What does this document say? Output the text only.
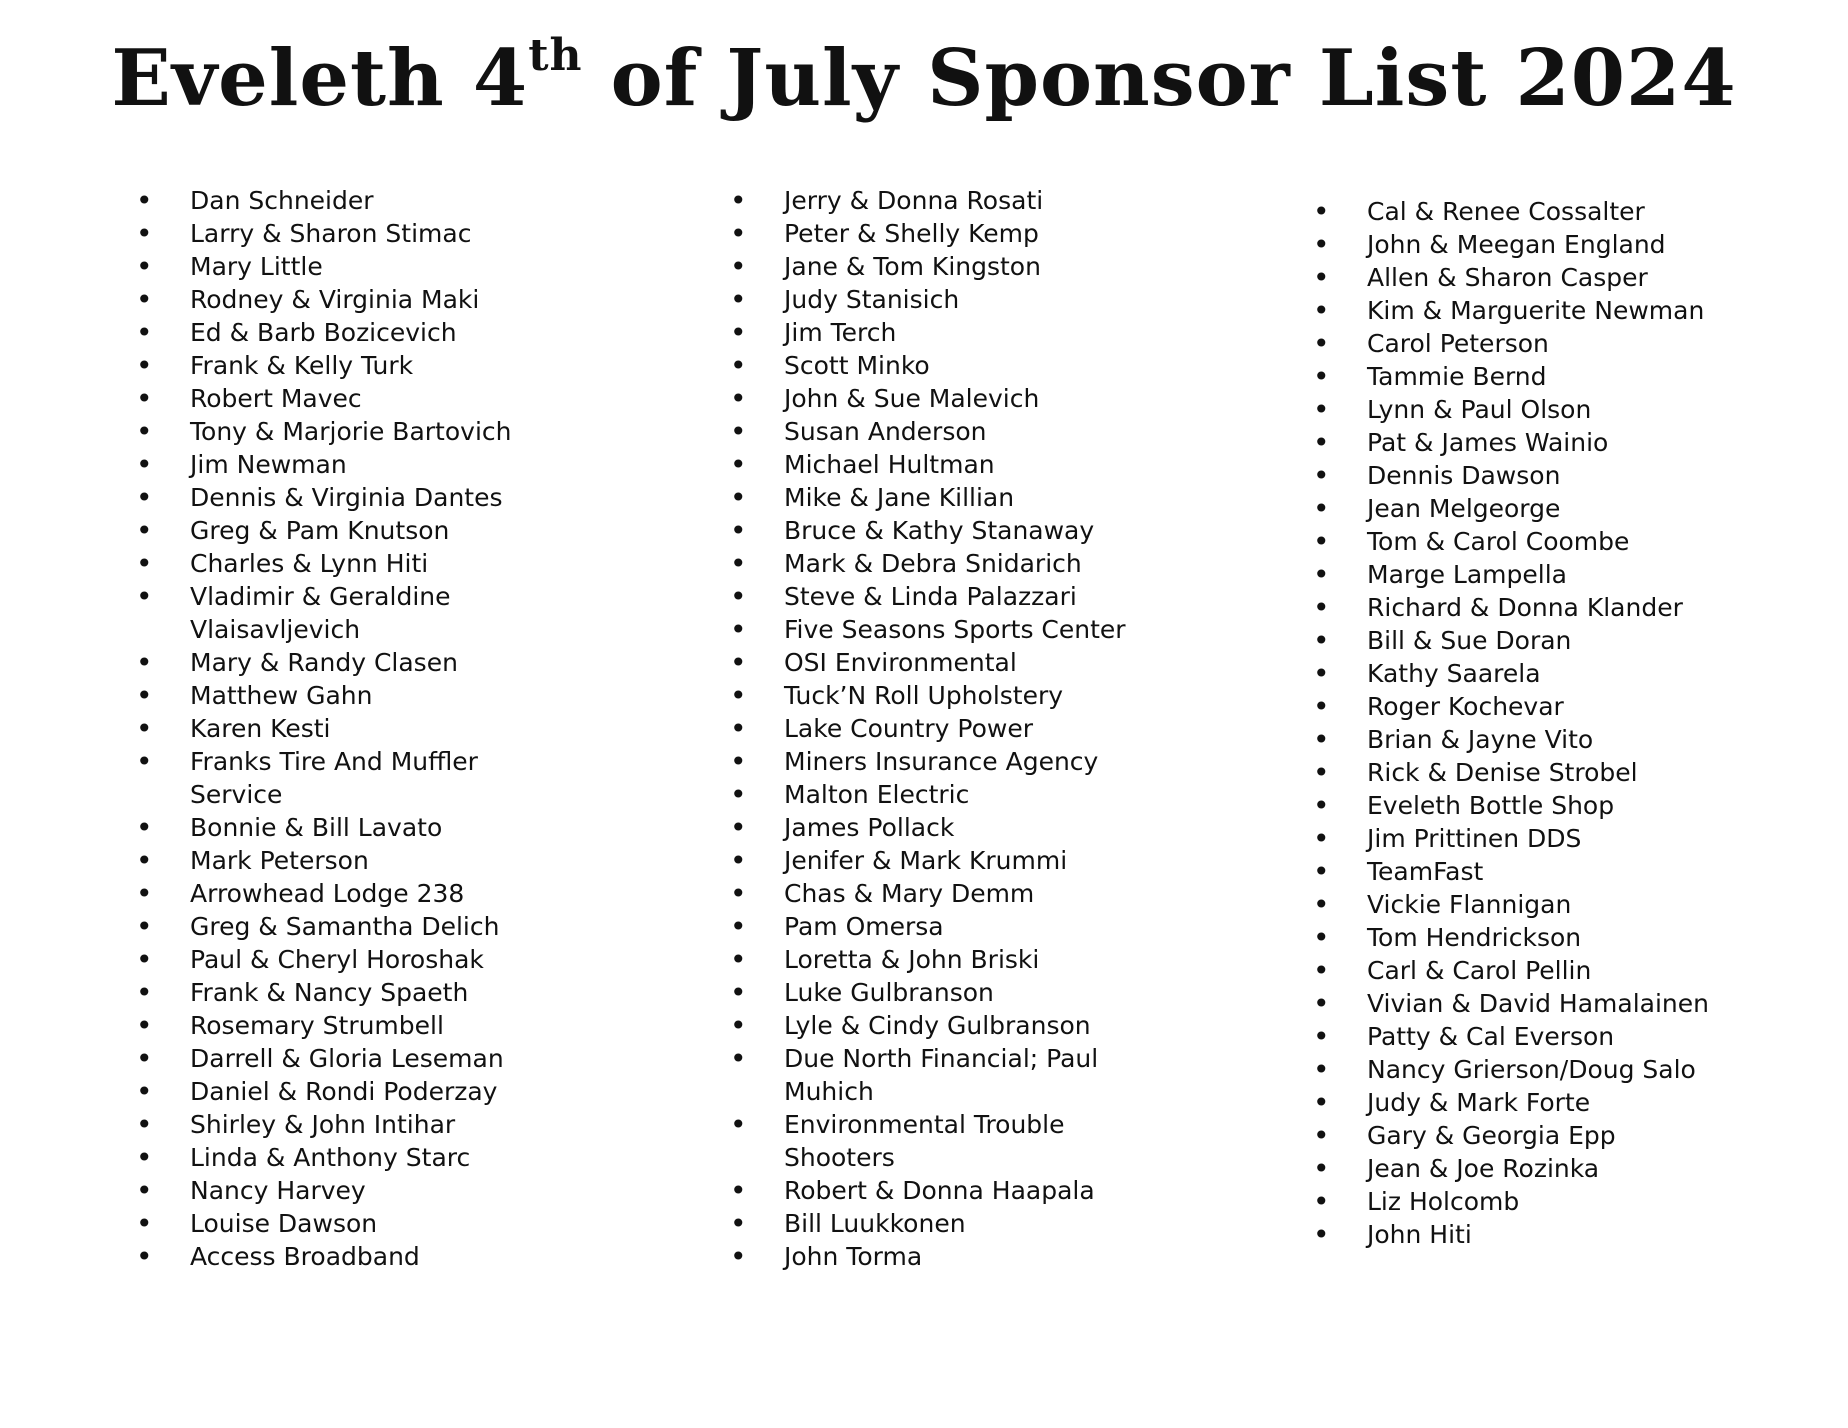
Eveleth 4th of July Sponsor List 2024
• Dan Schneider
• Larry & Sharon Stimac
• Mary Little
• Rodney & Virginia Maki
• Ed & Barb Bozicevich
• Frank & Kelly Turk
• Robert Mavec
• Tony & Marjorie Bartovich
• Jim Newman
• Dennis & Virginia Dantes
• Greg & Pam Knutson
• Charles & Lynn Hiti
• Vladimir & Geraldine Vlaisavljevich
• Mary & Randy Clasen
• Matthew Gahn
• Karen Kesti
• Franks Tire And Muffler Service
• Bonnie & Bill Lavato
• Mark Peterson
• Arrowhead Lodge 238
• Greg & Samantha Delich
• Paul & Cheryl Horoshak
• Frank & Nancy Spaeth
• Rosemary Strumbell
• Darrell & Gloria Leseman
• Daniel & Rondi Poderzay
• Shirley & John Intihar
• Linda & Anthony Starc
• Nancy Harvey
• Louise Dawson
• Access Broadband
• Jerry & Donna Rosati
• Peter & Shelly Kemp
• Jane & Tom Kingston
• Judy Stanisich
• Jim Terch
• Scott Minko
• John & Sue Malevich
• Susan Anderson
• Michael Hultman
• Mike & Jane Killian
• Bruce & Kathy Stanaway
• Mark & Debra Snidarich
• Steve & Linda Palazzari
• Five Seasons Sports Center
• OSI Environmental
• Tuck’N Roll Upholstery
• Lake Country Power
• Miners Insurance Agency
• Malton Electric
• James Pollack
• Jenifer & Mark Krummi
• Chas & Mary Demm
• Pam Omersa
• Loretta & John Briski
• Luke Gulbranson
• Lyle & Cindy Gulbranson
• Due North Financial; Paul Muhich
• Environmental Trouble Shooters
• Robert & Donna Haapala
• Bill Luukkonen
• John Torma
• Cal & Renee Cossalter
• John & Meegan England
• Allen & Sharon Casper
• Kim & Marguerite Newman
• Carol Peterson
• Tammie Bernd
• Lynn & Paul Olson
• Pat & James Wainio
• Dennis Dawson
• Jean Melgeorge
• Tom & Carol Coombe
• Marge Lampella
• Richard & Donna Klander
• Bill & Sue Doran
• Kathy Saarela
• Roger Kochevar
• Brian & Jayne Vito
• Rick & Denise Strobel
• Eveleth Bottle Shop
• Jim Prittinen DDS
• TeamFast
• Vickie Flannigan
• Tom Hendrickson
• Carl & Carol Pellin
• Vivian & David Hamalainen
• Patty & Cal Everson
• Nancy Grierson/Doug Salo
• Judy & Mark Forte
• Gary & Georgia Epp
• Jean & Joe Rozinka
• Liz Holcomb
• John Hiti
